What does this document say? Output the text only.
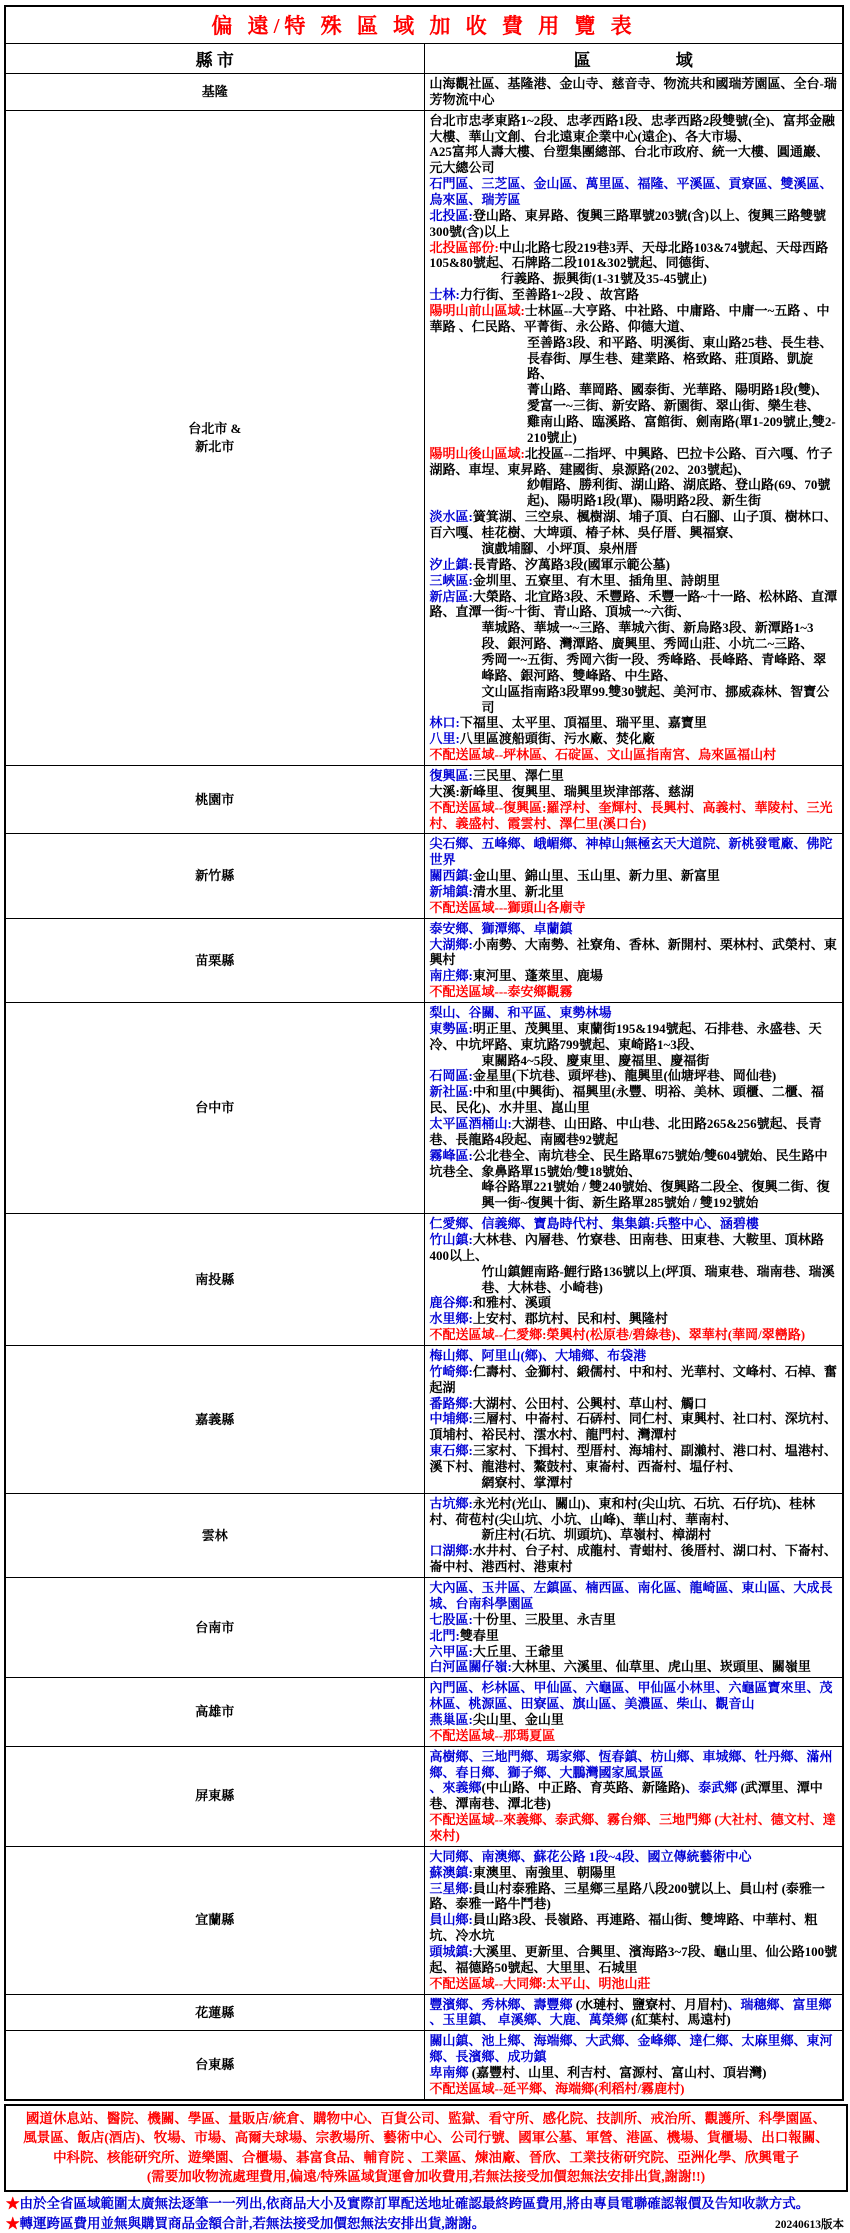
偏 遠/特 殊 區 域 加 收 費 用 覽 表	
縣 市	區　　　　　域
基隆	山海觀社區、基隆港、金山寺、慈音寺、物流共和國瑞芳園區、全台-瑞芳物流中心

台北市 &
新北市	
台北市忠孝東路1~2段、忠孝西路1段、忠孝西路2段雙號(全)、富邦金融大樓、華山文創、台北遠東企業中心(遠企)、各大市場、
A25富邦人壽大樓、台塑集團總部、台北市政府、統一大樓、圓通巖、元大總公司
石門區、三芝區、金山區、萬里區、福隆、平溪區、貢寮區、雙溪區、烏來區、瑞芳區
北投區:登山路、東昇路、復興三路單號203號(含)以上、復興三路雙號300號(含)以上
北投區部份:中山北路七段219巷3弄、天母北路103&74號起、天母西路105&80號起、石牌路二段101&302號起、同德街、
行義路、振興街(1-31號及35-45號止)
士林:力行街、至善路1~2段 、故宮路
陽明山前山區域:士林區--大亨路、中社路、中庸路、中庸一~五路 、中華路 、仁民路、平菁街、永公路、仰德大道、
至善路3段、和平路、明溪街、東山路25巷、長生巷、長春街、厚生巷、建業路、格致路、莊頂路、凱旋路、
菁山路、華岡路、國泰街、光華路、陽明路1段(雙)、愛富一~三街、新安路、新園街、翠山街、樂生巷、
雞南山路、臨溪路、富館街、劍南路(單1-209號止,雙2-210號止)
陽明山後山區域:北投區--二指坪、中興路、巴拉卡公路、百六嘎、竹子湖路、車埕、東昇路、建國街、泉源路(202、203號起)、
紗帽路、勝利街、湖山路、湖底路、登山路(69、70號起)、陽明路1段(單)、陽明路2段、新生街
淡水區:簧箕湖、三空泉、楓樹湖、埔子頂、白石腳、山子頂、樹林口、百六嘎、桂花樹、大埤頭、椿子林、吳仔厝、興福寮、
演戲埔腳、小坪頂、泉州厝
汐止鎮:長青路、汐萬路3段(國軍示範公墓)
三峽區:金圳里、五寮里、有木里、插角里、詩朗里
新店區:大榮路、北宜路3段、禾豐路、禾豐一路~十一路、松林路、直潭路、直潭一街~十街、青山路、頂城一~六街、
華城路、華城一~三路、華城六街、新烏路3段、新潭路1~3段、銀河路、灣潭路、廣興里、秀岡山莊、小坑二~三路、
秀岡一~五街、秀岡六街一段、秀峰路、長峰路、青峰路、翠峰路、銀河路、雙峰路、中生路、
文山區指南路3段單99.雙30號起、美河市、挪威森林、智寶公司
林口:下福里、太平里、頂福里、瑞平里、嘉寶里
八里:八里區渡船頭街、污水廠、焚化廠
不配送區域--坪林區、石碇區、文山區指南宮、烏來區福山村

桃園市	復興區:三民里、澤仁里
大溪:新峰里、復興里、瑞興里崁津部落、慈湖
不配送區域--復興區:羅浮村、奎輝村、長興村、高義村、華陵村、三光村、義盛村、霞雲村、澤仁里(溪口台)

新竹縣	尖石鄉、五峰鄉、峨嵋鄉、神棹山無極玄天大道院、新桃發電廠、佛陀世界
關西鎮:金山里、錦山里、玉山里、新力里、新富里
新埔鎮:清水里、新北里
不配送區域---獅頭山各廟寺

苗栗縣	泰安鄉、獅潭鄉、卓蘭鎮
大湖鄉:小南勢、大南勢、社寮角、香林、新開村、栗林村、武榮村、東興村
南庄鄉:東河里、蓬萊里、鹿場
不配送區域---泰安鄉觀霧

台中市	
梨山、谷關、和平區、東勢林場
東勢區:明正里、茂興里、東蘭街195&194號起、石排巷、永盛巷、天冷、中坑坪路、東坑路799號起、東崎路1~3段、
東關路4~5段、慶東里、慶福里、慶福街
石岡區:金星里(下坑巷、頭坪巷)、龍興里(仙塘坪巷、岡仙巷)
新社區:中和里(中興街)、福興里(永豐、明裕、美林、頭櫃、二櫃、福民、民化)、水井里、崑山里
太平區酒桶山:大湖巷、山田路、中山巷、北田路265&256號起、長青巷、長龍路4段起、南國巷92號起
霧峰區:公北巷全、南坑巷全、民生路單675號始/雙604號始、民生路中坑巷全、象鼻路單15號始/雙18號始、
峰谷路單221號始 / 雙240號始、復興路二段全、復興二街、復興一街~復興十街、新生路單285號始 / 雙192號始

南投縣	
仁愛鄉、信義鄉、寶島時代村、集集鎮:兵整中心、涵碧樓
竹山鎮:大林巷、內層巷、竹寮巷、田南巷、田東巷、大鞍里、頂林路400以上、
竹山鎮鯉南路-鯉行路136號以上(坪頂、瑞東巷、瑞南巷、瑞溪巷、大林巷、小崎巷)
鹿谷鄉:和雅村、溪頭
水里鄉:上安村、郡坑村、民和村、興隆村
不配送區域--仁愛鄉:榮興村(松原巷/碧綠巷)、翠華村(華岡/翠巒路)

嘉義縣	
梅山鄉、阿里山(鄉)、大埔鄉、布袋港
竹崎鄉:仁壽村、金獅村、緞儒村、中和村、光華村、文峰村、石棹、奮起湖
番路鄉:大湖村、公田村、公興村、草山村、觸口
中埔鄉:三層村、中崙村、石硦村、同仁村、東興村、社口村、深坑村、頂埔村、裕民村、澐水村、龍門村、灣潭村
東石鄉:三家村、下揖村、型厝村、海埔村、副瀨村、港口村、塭港村、溪下村、龍港村、鰲鼓村、東崙村、西崙村、塭仔村、
網寮村、掌潭村

雲林	古坑鄉:永光村(光山、關山)、東和村(尖山坑、石坑、石仔坑)、桂林村、荷苞村(尖山坑、小坑、山峰)、華山村、華南村、
新庄村(石坑、圳頭坑)、草嶺村、樟湖村
口湖鄉:水井村、台子村、成龍村、青蚶村、後厝村、湖口村、下崙村、崙中村、港西村、港東村

台南市	大內區、玉井區、左鎮區、楠西區、南化區、龍崎區、東山區、大成長城、台南科學園區
七股區:十份里、三股里、永吉里
北門:雙春里
六甲區:大丘里、王爺里
白河區關仔嶺:大林里、六溪里、仙草里、虎山里、崁頭里、關嶺里

高雄市	內門區、杉林區、甲仙區、六龜區、甲仙區小林里、六龜區寶來里、茂林區、桃源區、田寮區、旗山區、美濃區、柴山、觀音山
燕巢區:尖山里、金山里
不配送區域--那瑪夏區

屏東縣	高樹鄉、三地門鄉、瑪家鄉、恆春鎮、枋山鄉、車城鄉、牡丹鄉、滿州鄉、春日鄉、獅子鄉、大鵬灣國家風景區
、來義鄉(中山路、中正路、育英路、新隆路)、泰武鄉 (武潭里、潭中巷、潭南巷、潭北巷)
不配送區域--來義鄉、泰武鄉、霧台鄉、三地門鄉 (大社村、德文村、達來村)

宜蘭縣	
大同鄉、南澳鄉、蘇花公路 1段~4段、國立傳統藝術中心
蘇澳鎮:東澳里、南強里、朝陽里
三星鄉:員山村泰雅路、三星鄉三星路八段200號以上、員山村 (泰雅一路、泰雅一路牛鬥巷)
員山鄉:員山路3段、長嶺路、再連路、福山街、雙埤路、中華村、粗坑、冷水坑
頭城鎮:大溪里、更新里、合興里、濱海路3~7段、龜山里、仙公路100號起、福德路50號起、大里里、石城里
不配送區域--大同鄉:太平山、明池山莊

花蓮縣	豐濱鄉、秀林鄉、壽豐鄉 (水璉村、鹽寮村、月眉村)、瑞穗鄉、富里鄉 、玉里鎮、 卓溪鄉、大鹿、萬榮鄉 (紅葉村、馬遠村)

台東縣	關山鎮、池上鄉、海端鄉、大武鄉、金峰鄉、達仁鄉、太麻里鄉、東河鄉、長濱鄉、成功鎮
卑南鄉 (嘉豐村、山里、利吉村、富源村、富山村、頂岩灣)
不配送區域--延平鄉、海端鄉(利稻村/霧鹿村)
國道休息站、醫院、機關、學區、量販店/統倉、購物中心、百貨公司、監獄、看守所、感化院、技訓所、戒治所、觀護所、科學園區、
風景區、飯店(酒店)、牧場、市場、高爾夫球場、宗教場所、藝術中心、公司行號、國軍公墓、軍營、港區、機場、貨櫃場、出口報關、
中科院、核能研究所、遊樂園、合櫃場、碁富食品、輔育院 、工業區、煉油廠、晉欣、工業技術研究院、亞洲化學、欣興電子
(需要加收物流處理費用,偏遠/特殊區域貨運會加收費用,若無法接受加價恕無法安排出貨,謝謝!!)
★由於全省區域範圍太廣無法逐筆一一列出,依商品大小及實際訂單配送地址確認最終跨區費用,將由專員電聯確認報價及告知收款方式。
★轉運跨區費用並無與購買商品金額合計,若無法接受加價恕無法安排出貨,謝謝。	20240613版本
